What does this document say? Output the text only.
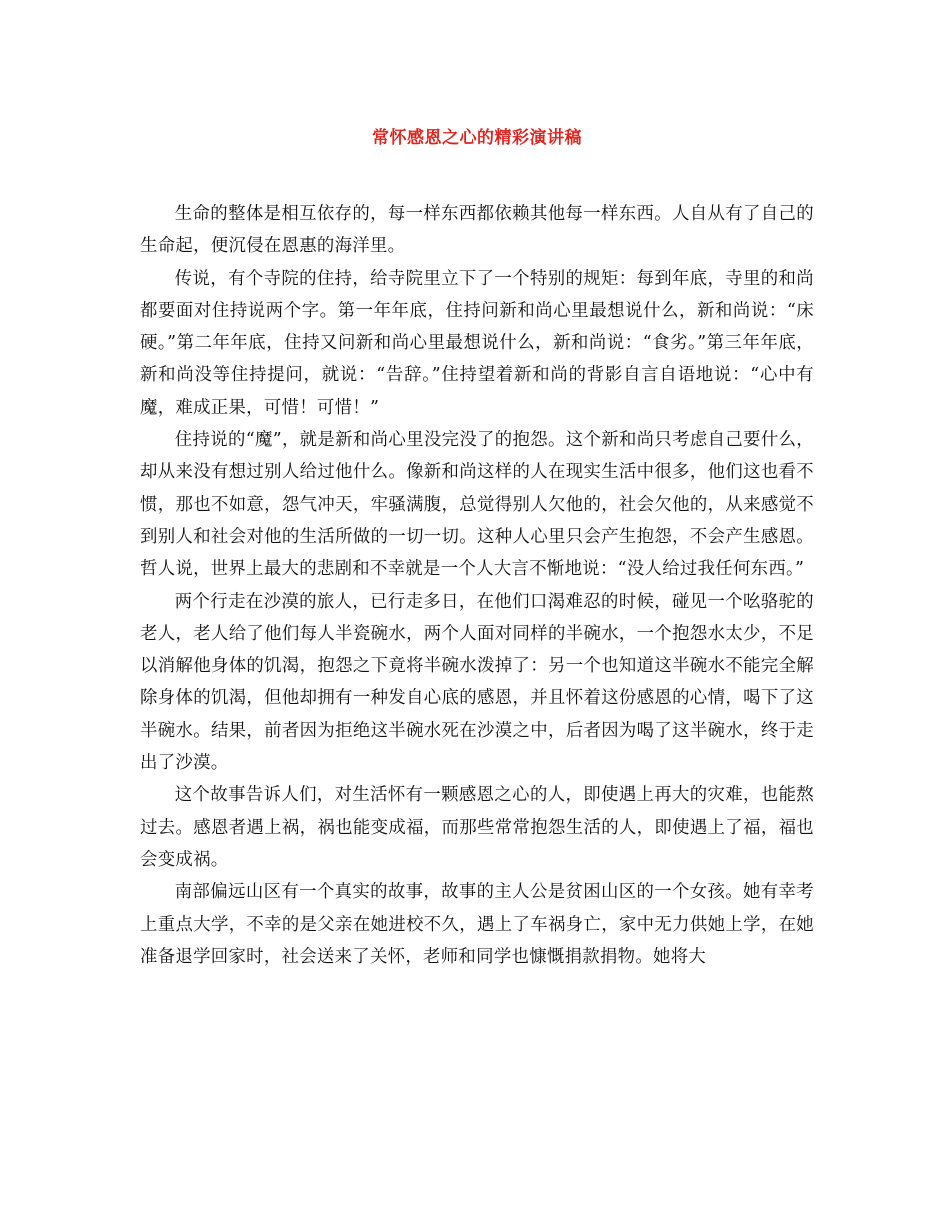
常怀感恩之心的精彩演讲稿

生命的整体是相互依存的，每一样东西都依赖其他每一样东西。人自从有了自己的生命起，便沉侵在恩惠的海洋里。

传说，有个寺院的住持，给寺院里立下了一个特别的规矩：每到年底，寺里的和尚都要面对住持说两个字。第一年年底，住持问新和尚心里最想说什么，新和尚说：“床硬。”第二年年底，住持又问新和尚心里最想说什么，新和尚说：“食劣。”第三年年底，新和尚没等住持提问，就说：“告辞。”住持望着新和尚的背影自言自语地说：“心中有魔，难成正果，可惜！可惜！”

住持说的“魔”，就是新和尚心里没完没了的抱怨。这个新和尚只考虑自己要什么，却从来没有想过别人给过他什么。像新和尚这样的人在现实生活中很多，他们这也看不惯，那也不如意，怨气冲天，牢骚满腹，总觉得别人欠他的，社会欠他的，从来感觉不到别人和社会对他的生活所做的一切一切。这种人心里只会产生抱怨，不会产生感恩。哲人说，世界上最大的悲剧和不幸就是一个人大言不惭地说：“没人给过我任何东西。”

两个行走在沙漠的旅人，已行走多日，在他们口渴难忍的时候，碰见一个吆骆驼的老人，老人给了他们每人半瓷碗水，两个人面对同样的半碗水，一个抱怨水太少，不足以消解他身体的饥渴，抱怨之下竟将半碗水泼掉了：另一个也知道这半碗水不能完全解除身体的饥渴，但他却拥有一种发自心底的感恩，并且怀着这份感恩的心情，喝下了这半碗水。结果，前者因为拒绝这半碗水死在沙漠之中，后者因为喝了这半碗水，终于走出了沙漠。

这个故事告诉人们，对生活怀有一颗感恩之心的人，即使遇上再大的灾难，也能熬过去。感恩者遇上祸，祸也能变成福，而那些常常抱怨生活的人，即使遇上了福，福也会变成祸。

南部偏远山区有一个真实的故事，故事的主人公是贫困山区的一个女孩。她有幸考上重点大学，不幸的是父亲在她进校不久，遇上了车祸身亡，家中无力供她上学，在她准备退学回家时，社会送来了关怀，老师和同学也慷慨捐款捐物。她将大
